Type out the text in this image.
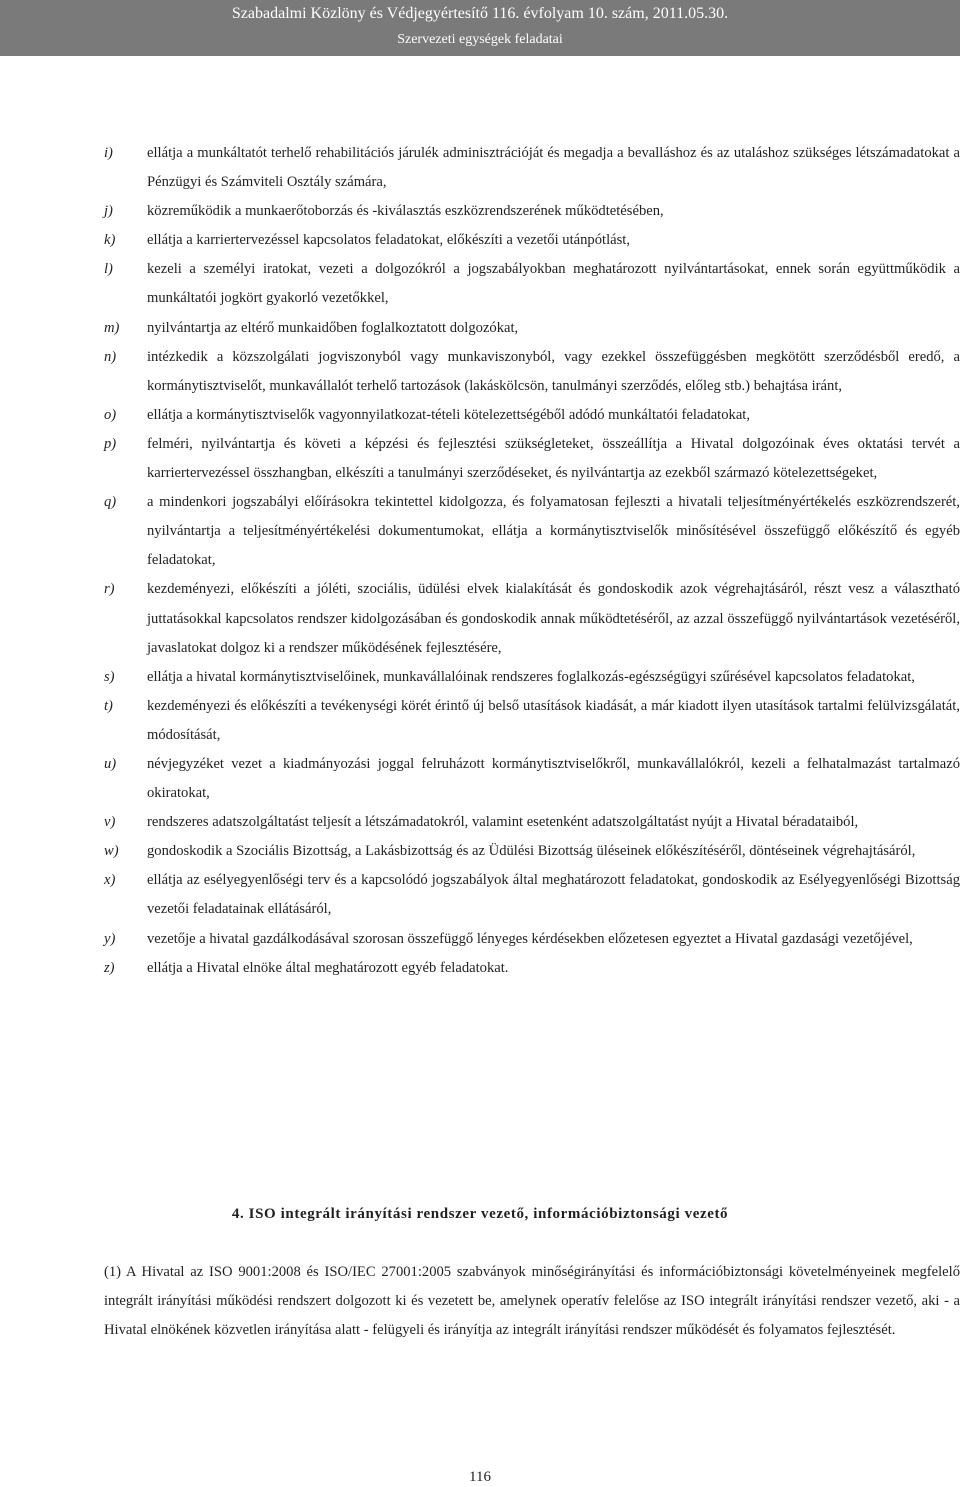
Szabadalmi Közlöny és Védjegyértesítő 116. évfolyam 10. szám, 2011.05.30.
Szervezeti egységek feladatai
i) ellátja a munkáltatót terhelő rehabilitációs járulék adminisztrációját és megadja a bevalláshoz és az utaláshoz szükséges létszámadatokat a Pénzügyi és Számviteli Osztály számára,
j) közreműködik a munkaerőtoborzás és -kiválasztás eszközrendszerének működtetésében,
k) ellátja a karriertervezéssel kapcsolatos feladatokat, előkészíti a vezetői utánpótlást,
l) kezeli a személyi iratokat, vezeti a dolgozókról a jogszabályokban meghatározott nyilvántartásokat, ennek során együttműködik a munkáltatói jogkört gyakorló vezetőkkel,
m) nyilvántartja az eltérő munkaidőben foglalkoztatott dolgozókat,
n) intézkedik a közszolgálati jogviszonyból vagy munkaviszonyból, vagy ezekkel összefüggésben megkötött szerződésből eredő, a kormánytisztviselőt, munkavállalót terhelő tartozások (lakáskölcsön, tanulmányi szerződés, előleg stb.) behajtása iránt,
o) ellátja a kormánytisztviselők vagyonnyilatkozat-tételi kötelezettségéből adódó munkáltatói feladatokat,
p) felméri, nyilvántartja és követi a képzési és fejlesztési szükségleteket, összeállítja a Hivatal dolgozóinak éves oktatási tervét a karriertervezéssel összhangban, elkészíti a tanulmányi szerződéseket, és nyilvántartja az ezekből származó kötelezettségeket,
q) a mindenkori jogszabályi előírásokra tekintettel kidolgozza, és folyamatosan fejleszti a hivatali teljesítményértékelés eszközrendszerét, nyilvántartja a teljesítményértékelési dokumentumokat, ellátja a kormánytisztviselők minősítésével összefüggő előkészítő és egyéb feladatokat,
r) kezdeményezi, előkészíti a jóléti, szociális, üdülési elvek kialakítását és gondoskodik azok végrehajtásáról, részt vesz a választható juttatásokkal kapcsolatos rendszer kidolgozásában és gondoskodik annak működtetéséről, az azzal összefüggő nyilvántartások vezetéséről, javaslatokat dolgoz ki a rendszer működésének fejlesztésére,
s) ellátja a hivatal kormánytisztviselőinek, munkavállalóinak rendszeres foglalkozás-egészségügyi szűrésével kapcsolatos feladatokat,
t) kezdeményezi és előkészíti a tevékenységi körét érintő új belső utasítások kiadását, a már kiadott ilyen utasítások tartalmi felülvizsgálatát, módosítását,
u) névjegyzéket vezet a kiadmányozási joggal felruházott kormánytisztviselőkről, munkavállalókról, kezeli a felhatalmazást tartalmazó okiratokat,
v) rendszeres adatszolgáltatást teljesít a létszámadatokról, valamint esetenként adatszolgáltatást nyújt a Hivatal béradataiból,
w) gondoskodik a Szociális Bizottság, a Lakásbizottság és az Üdülési Bizottság üléseinek előkészítéséről, döntéseinek végrehajtásáról,
x) ellátja az esélyegyenlőségi terv és a kapcsolódó jogszabályok által meghatározott feladatokat, gondoskodik az Esélyegyenlőségi Bizottság vezetői feladatainak ellátásáról,
y) vezetője a hivatal gazdálkodásával szorosan összefüggő lényeges kérdésekben előzetesen egyeztet a Hivatal gazdasági vezetőjével,
z) ellátja a Hivatal elnöke által meghatározott egyéb feladatokat.
4. ISO integrált irányítási rendszer vezető, információbiztonsági vezető

(1) A Hivatal az ISO 9001:2008 és ISO/IEC 27001:2005 szabványok minőségirányítási és információbiztonsági követelményeinek megfelelő integrált irányítási működési rendszert dolgozott ki és vezetett be, amelynek operatív felelőse az ISO integrált irányítási rendszer vezető, aki - a Hivatal elnökének közvetlen irányítása alatt - felügyeli és irányítja az integrált irányítási rendszer működését és folyamatos fejlesztését.

116
